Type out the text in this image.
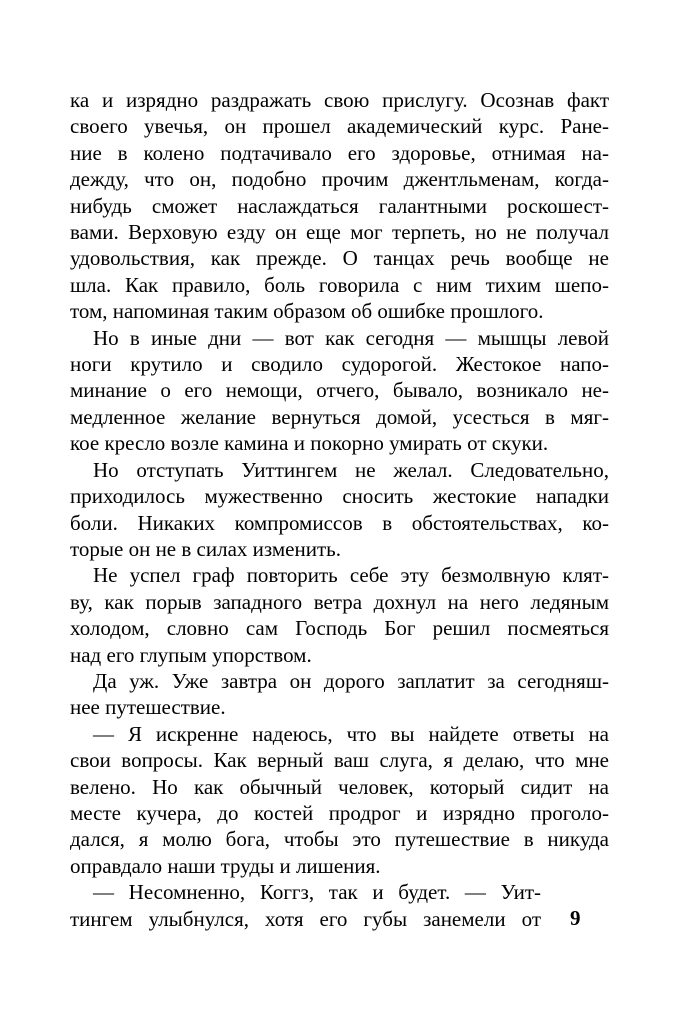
ка и изрядно раздражать свою прислугу. Осознав факт
своего увечья, он прошел академический курс. Ране-
ние в колено подтачивало его здоровье, отнимая на-
дежду, что он, подобно прочим джентльменам, когда-
нибудь сможет наслаждаться галантными роскошест-
вами. Верховую езду он еще мог терпеть, но не получал
удовольствия, как прежде. О танцах речь вообще не
шла. Как правило, боль говорила с ним тихим шепо-
том, напоминая таким образом об ошибке прошлого.
Но в иные дни — вот как сегодня — мышцы левой
ноги крутило и сводило судорогой. Жестокое напо-
минание о его немощи, отчего, бывало, возникало не-
медленное желание вернуться домой, усесться в мяг-
кое кресло возле камина и покорно умирать от скуки.
Но отступать Уиттингем не желал. Следовательно,
приходилось мужественно сносить жестокие нападки
боли. Никаких компромиссов в обстоятельствах, ко-
торые он не в силах изменить.
Не успел граф повторить себе эту безмолвную клят-
ву, как порыв западного ветра дохнул на него ледяным
холодом, словно сам Господь Бог решил посмеяться
над его глупым упорством.
Да уж. Уже завтра он дорого заплатит за сегодняш-
нее путешествие.
— Я искренне надеюсь, что вы найдете ответы на
свои вопросы. Как верный ваш слуга, я делаю, что мне
велено. Но как обычный человек, который сидит на
месте кучера, до костей продрог и изрядно проголо-
дался, я молю бога, чтобы это путешествие в никуда
оправдало наши труды и лишения.
— Несомненно, Коггз, так и будет. — Уит-
тингем улыбнулся, хотя его губы занемели от 9
